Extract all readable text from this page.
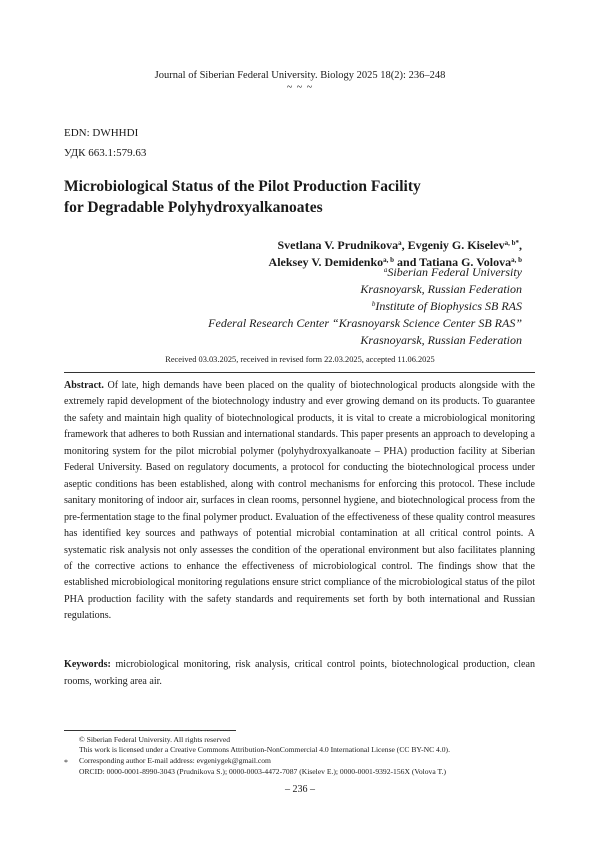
Journal of Siberian Federal University. Biology 2025 18(2): 236–248
~ ~ ~
EDN: DWHHDI
УДК 663.1:579.63
Microbiological Status of the Pilot Production Facility
for Degradable Polyhydroxyalkanoates
Svetlana V. Prudnikova$^a$, Evgeniy G. Kiselev$^{a, b*}$,
Aleksey V. Demidenko$^{a, b}$ and Tatiana G. Volova$^{a, b}$
$^a$Siberian Federal University
Krasnoyarsk, Russian Federation
$^b$Institute of Biophysics SB RAS
Federal Research Center “Krasnoyarsk Science Center SB RAS”
Krasnoyarsk, Russian Federation
Received 03.03.2025, received in revised form 22.03.2025, accepted 11.06.2025
Abstract. Of late, high demands have been placed on the quality of biotechnological products alongside with the extremely rapid development of the biotechnology industry and ever growing demand on its products. To guarantee the safety and maintain high quality of biotechnological products, it is vital to create a microbiological monitoring framework that adheres to both Russian and international standards. This paper presents an approach to developing a monitoring system for the pilot microbial polymer (polyhydroxyalkanoate – PHA) production facility at Siberian Federal University. Based on regulatory documents, a protocol for conducting the biotechnological process under aseptic conditions has been established, along with control mechanisms for enforcing this protocol. These include sanitary monitoring of indoor air, surfaces in clean rooms, personnel hygiene, and biotechnological process from the pre-fermentation stage to the final polymer product. Evaluation of the effectiveness of these quality control measures has identified key sources and pathways of potential microbial contamination at all critical control points. A systematic risk analysis not only assesses the condition of the operational environment but also facilitates planning of the corrective actions to enhance the effectiveness of microbiological control. The findings show that the established microbiological monitoring regulations ensure strict compliance of the microbiological status of the pilot PHA production facility with the safety standards and requirements set forth by both international and Russian regulations.
Keywords: microbiological monitoring, risk analysis, critical control points, biotechnological production, clean rooms, working area air.
© Siberian Federal University. All rights reserved
This work is licensed under a Creative Commons Attribution-NonCommercial 4.0 International License (CC BY-NC 4.0).
* Corresponding author E-mail address: evgeniygek@gmail.com
ORCID: 0000-0001-8990-3043 (Prudnikova S.); 0000-0003-4472-7087 (Kiselev E.); 0000-0001-9392-156X (Volova T.)
– 236 –
